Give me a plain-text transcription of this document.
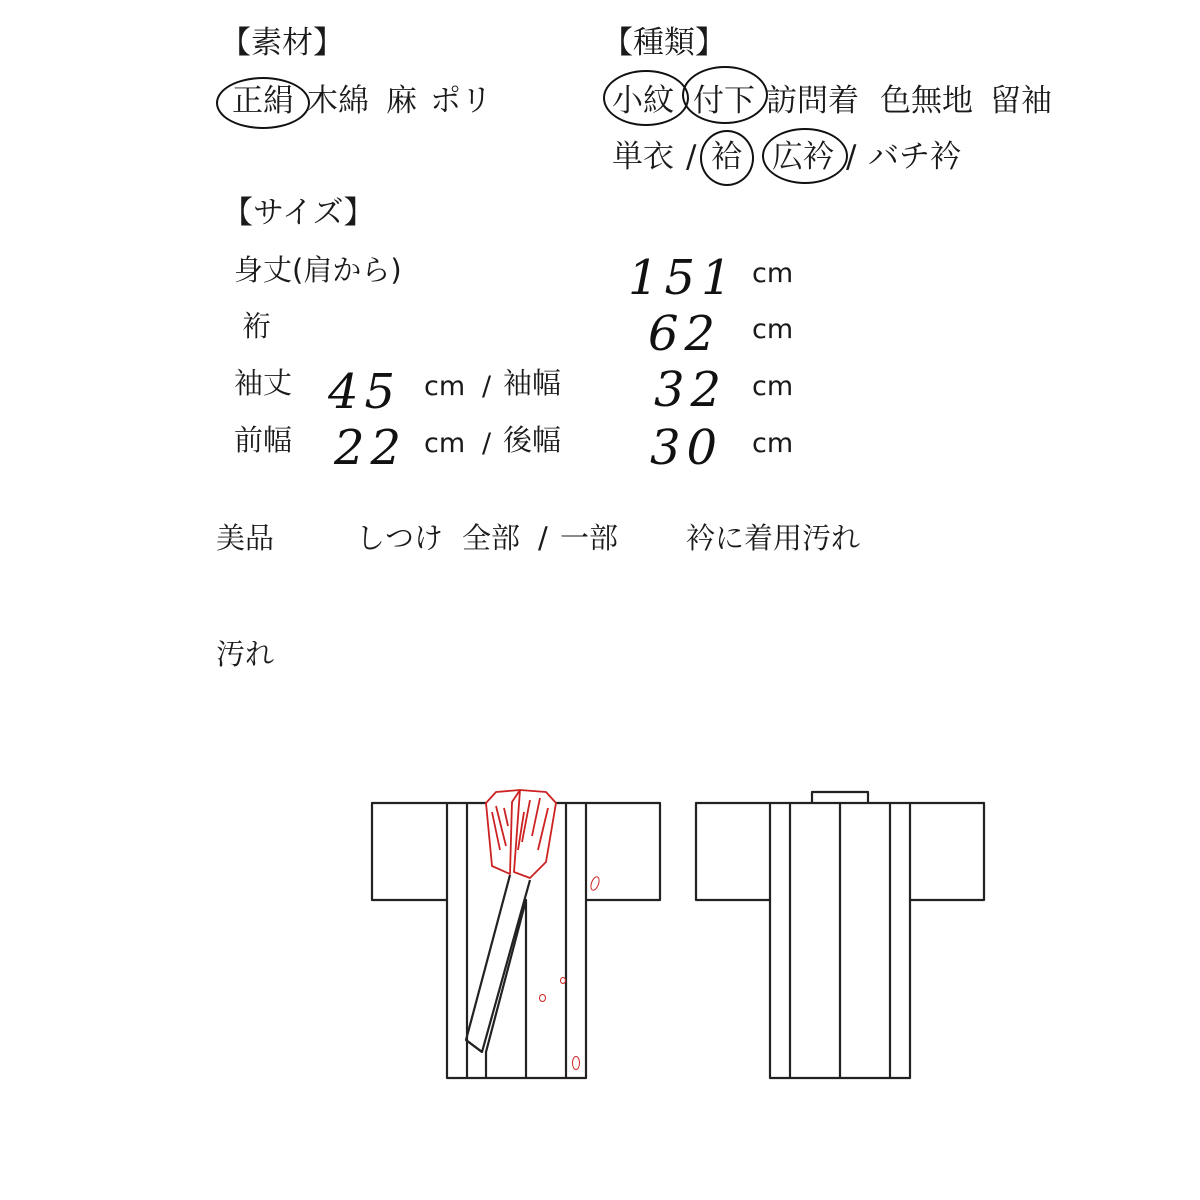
【素材】
正絹 木綿 麻 ポリ
【種類】
小紋 付下 訪問着 色無地 留袖
単衣 / 袷 広衿 / バチ衿
【サイズ】
身丈(肩から)	151 cm
裄	62 cm
袖丈 45 cm / 袖幅 32 cm
前幅 22 cm / 後幅 30 cm
美品	しつけ 全部 / 一部 衿に着用汚れ
汚れ
